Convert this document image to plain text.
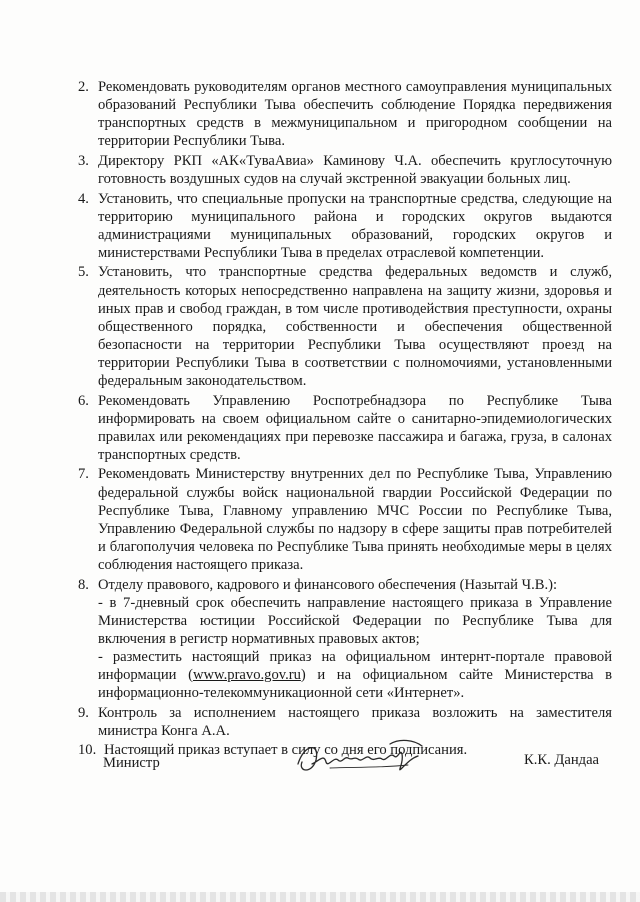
2. Рекомендовать руководителям органов местного самоуправления муниципальных образований Республики Тыва обеспечить соблюдение Порядка передвижения транспортных средств в межмуниципальном и пригородном сообщении на территории Республики Тыва.
3. Директору РКП «АК«ТуваАвиа» Каминову Ч.А. обеспечить круглосуточную готовность воздушных судов на случай экстренной эвакуации больных лиц.
4. Установить, что специальные пропуски на транспортные средства, следующие на территорию муниципального района и городских округов выдаются администрациями муниципальных образований, городских округов и министерствами Республики Тыва в пределах отраслевой компетенции.
5. Установить, что транспортные средства федеральных ведомств и служб, деятельность которых непосредственно направлена на защиту жизни, здоровья и иных прав и свобод граждан, в том числе противодействия преступности, охраны общественного порядка, собственности и обеспечения общественной безопасности на территории Республики Тыва осуществляют проезд на территории Республики Тыва в соответствии с полномочиями, установленными федеральным законодательством.
6. Рекомендовать Управлению Роспотребнадзора по Республике Тыва информировать на своем официальном сайте о санитарно-эпидемиологических правилах или рекомендациях при перевозке пассажира и багажа, груза, в салонах транспортных средств.
7. Рекомендовать Министерству внутренних дел по Республике Тыва, Управлению федеральной службы войск национальной гвардии Российской Федерации по Республике Тыва, Главному управлению МЧС России по Республике Тыва, Управлению Федеральной службы по надзору в сфере защиты прав потребителей и благополучия человека по Республике Тыва принять необходимые меры в целях соблюдения настоящего приказа.
8. Отделу правового, кадрового и финансового обеспечения (Назытай Ч.В.):
- в 7-дневный срок обеспечить направление настоящего приказа в Управление Министерства юстиции Российской Федерации по Республике Тыва для включения в регистр нормативных правовых актов;
- разместить настоящий приказ на официальном интернт-портале правовой информации (www.pravo.gov.ru) и на официальном сайте Министерства в информационно-телекоммуникационной сети «Интернет».
9. Контроль за исполнением настоящего приказа возложить на заместителя министра Конга А.А.
10. Настоящий приказ вступает в силу со дня его подписания.
Министр	К.К. Дандаа
